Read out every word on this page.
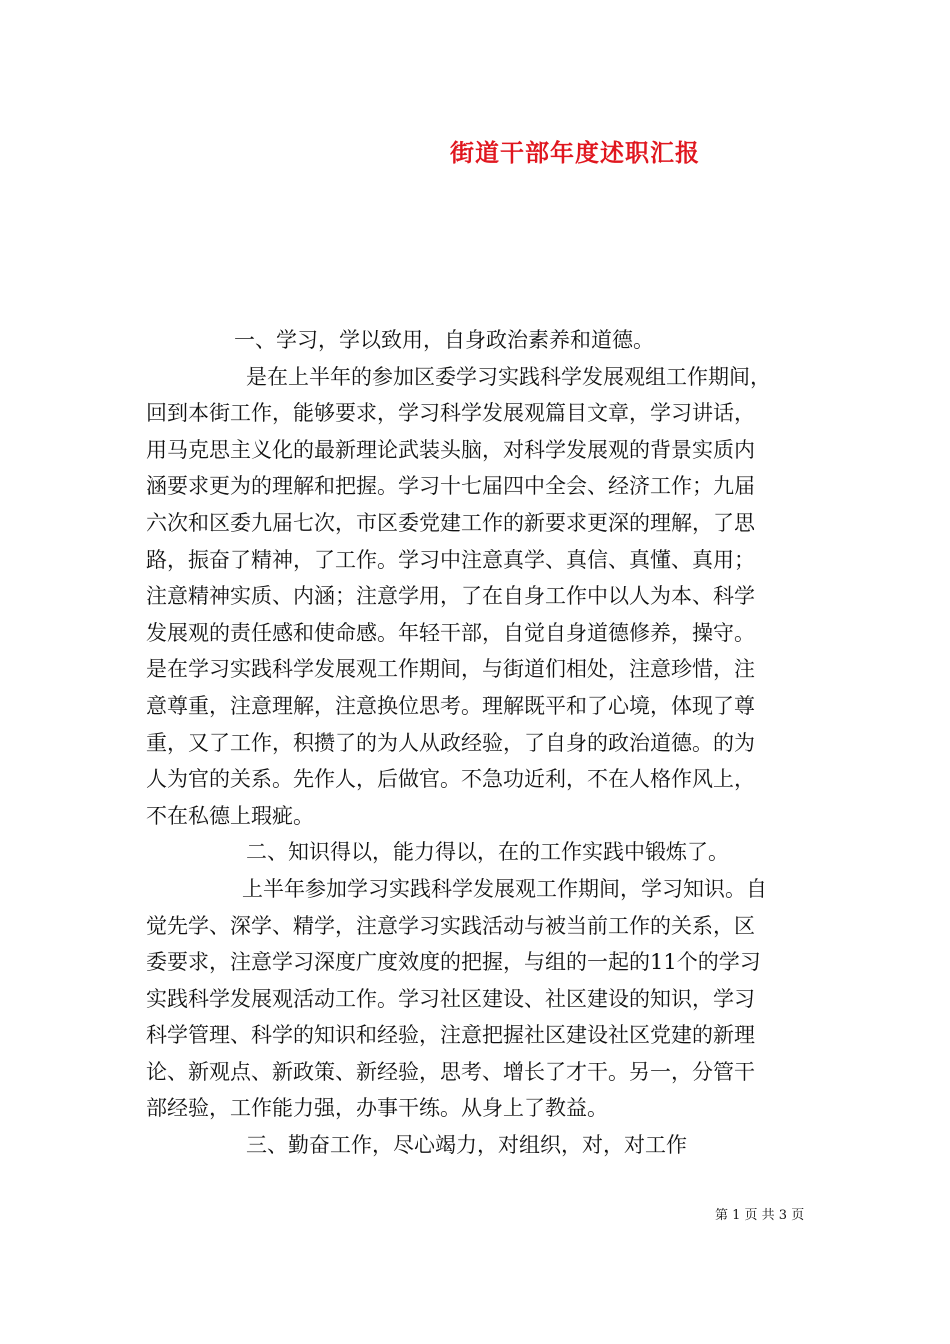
街道干部年度述职汇报
一、学习，学以致用，自身政治素养和道德。
是在上半年的参加区委学习实践科学发展观组工作期间，
回到本街工作，能够要求，学习科学发展观篇目文章，学习讲话，
用马克思主义化的最新理论武装头脑，对科学发展观的背景实质内
涵要求更为的理解和把握。学习十七届四中全会、经济工作；九届
六次和区委九届七次，市区委党建工作的新要求更深的理解，了思
路，振奋了精神，了工作。学习中注意真学、真信、真懂、真用；
注意精神实质、内涵；注意学用，了在自身工作中以人为本、科学
发展观的责任感和使命感。年轻干部，自觉自身道德修养，操守。
是在学习实践科学发展观工作期间，与街道们相处，注意珍惜，注
意尊重，注意理解，注意换位思考。理解既平和了心境，体现了尊
重，又了工作，积攒了的为人从政经验，了自身的政治道德。的为
人为官的关系。先作人，后做官。不急功近利，不在人格作风上，
不在私德上瑕疵。
二、知识得以，能力得以，在的工作实践中锻炼了。
上半年参加学习实践科学发展观工作期间，学习知识。自
觉先学、深学、精学，注意学习实践活动与被当前工作的关系，区
委要求，注意学习深度广度效度的把握，与组的一起的11个的学习
实践科学发展观活动工作。学习社区建设、社区建设的知识，学习
科学管理、科学的知识和经验，注意把握社区建设社区党建的新理
论、新观点、新政策、新经验，思考、增长了才干。另一，分管干
部经验，工作能力强，办事干练。从身上了教益。
三、勤奋工作，尽心竭力，对组织，对，对工作
第 1 页 共 3 页
